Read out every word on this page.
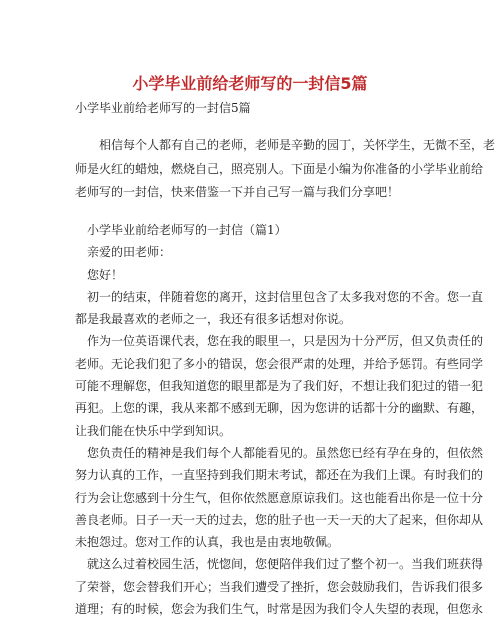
小学毕业前给老师写的一封信5篇
小学毕业前给老师写的一封信5篇
　　相信每个人都有自己的老师，老师是辛勤的园丁，关怀学生，无微不至，老
师是火红的蜡烛，燃烧自己，照亮别人。下面是小编为你准备的小学毕业前给
老师写的一封信，快来借鉴一下并自己写一篇与我们分享吧！
　小学毕业前给老师写的一封信（篇1）
　亲爱的田老师：
　您好！
　初一的结束，伴随着您的离开，这封信里包含了太多我对您的不舍。您一直
都是我最喜欢的老师之一，我还有很多话想对你说。
　作为一位英语课代表，您在我的眼里一，只是因为十分严厉，但又负责任的
老师。无论我们犯了多小的错误，您会很严肃的处理，并给予惩罚。有些同学
可能不理解您，但我知道您的眼里都是为了我们好，不想让我们犯过的错一犯
再犯。上您的课，我从来都不感到无聊，因为您讲的话都十分的幽默、有趣，
让我们能在快乐中学到知识。
　您负责任的精神是我们每个人都能看见的。虽然您已经有孕在身的，但依然
努力认真的工作，一直坚持到我们期末考试，都还在为我们上课。有时我们的
行为会让您感到十分生气，但你依然愿意原谅我们。这也能看出你是一位十分
善良老师。日子一天一天的过去，您的肚子也一天一天的大了起来，但你却从
未抱怨过。您对工作的认真，我也是由衷地敬佩。
　就这么过着校园生活，恍惚间，您便陪伴我们过了整个初一。当我们班获得
了荣誉，您会替我们开心；当我们遭受了挫折，您会鼓励我们，告诉我们很多
道理；有的时候，您会为我们生气，时常是因为我们令人失望的表现，但您永
